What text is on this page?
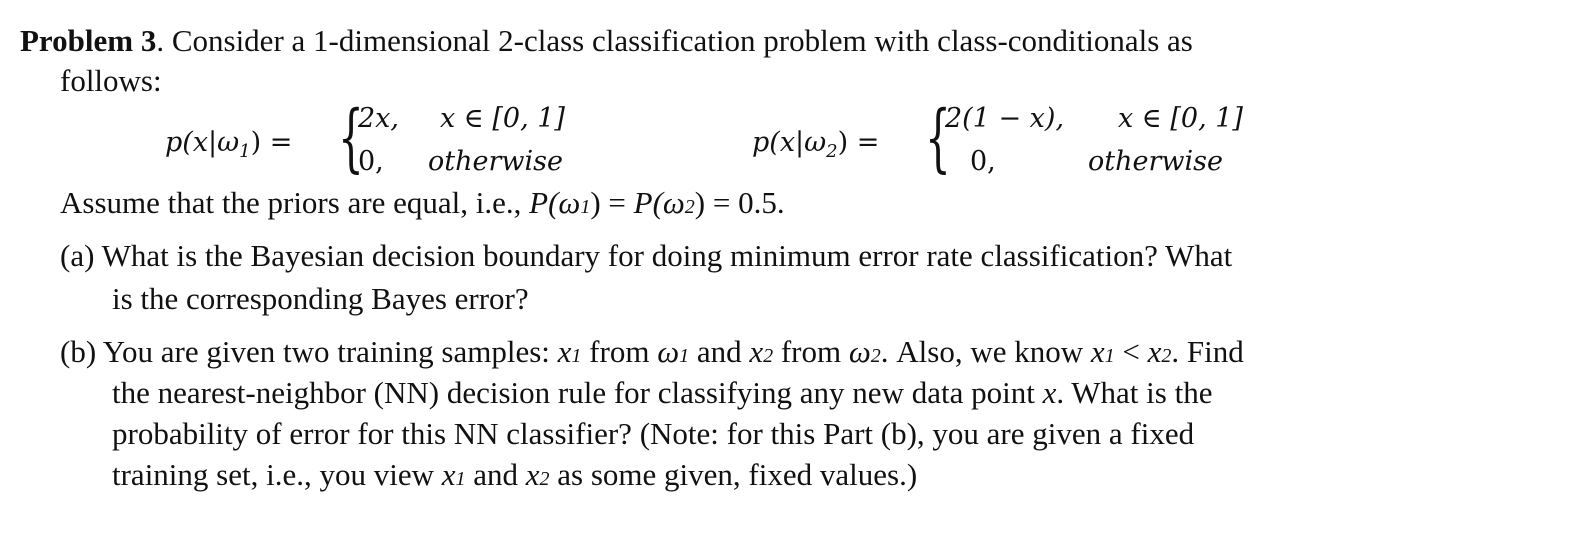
Problem 3. Consider a 1-dimensional 2-class classification problem with class-conditionals as
follows:
$p(x|\omega_1)$ = {
2x, x ∈ [0, 1]
0, otherwise
$p(x|\omega_2)$ = {
2(1 − x), x ∈ [0, 1]
0,	otherwise
Assume that the priors are equal, i.e., P(ω1) = P(ω2) = 0.5.
(a) What is the Bayesian decision boundary for doing minimum error rate classification? What
is the corresponding Bayes error?
(b) You are given two training samples: x1 from ω1 and x2 from ω2. Also, we know x1 < x2. Find
the nearest-neighbor (NN) decision rule for classifying any new data point x. What is the
probability of error for this NN classifier? (Note: for this Part (b), you are given a fixed
training set, i.e., you view x1 and x2 as some given, fixed values.)
